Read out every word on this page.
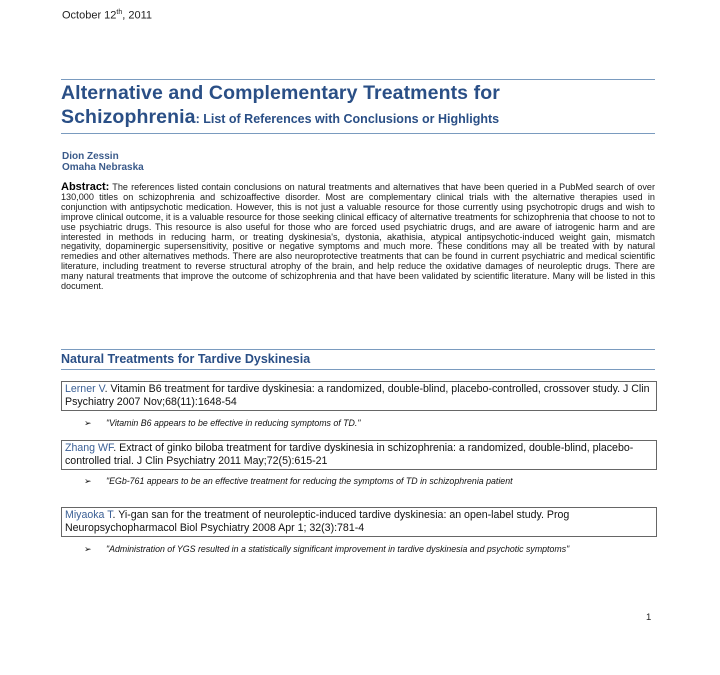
October 12th, 2011
Alternative and Complementary Treatments for
Schizophrenia: List of References with Conclusions or Highlights
Dion Zessin
Omaha Nebraska
Abstract: The references listed contain conclusions on natural treatments and alternatives that have been queried in a PubMed search of over 130,000 titles on schizophrenia and schizoaffective disorder. Most are complementary clinical trials with the alternative therapies used in conjunction with antipsychotic medication. However, this is not just a valuable resource for those currently using psychotropic drugs and wish to improve clinical outcome, it is a valuable resource for those seeking clinical efficacy of alternative treatments for schizophrenia that choose to not to use psychiatric drugs. This resource is also useful for those who are forced used psychiatric drugs, and are aware of iatrogenic harm and are interested in methods in reducing harm, or treating dyskinesia's, dystonia, akathisia, atypical antipsychotic-induced weight gain, mismatch negativity, dopaminergic supersensitivity, positive or negative symptoms and much more. These conditions may all be treated with by natural remedies and other alternatives methods. There are also neuroprotective treatments that can be found in current psychiatric and medical scientific literature, including treatment to reverse structural atrophy of the brain, and help reduce the oxidative damages of neuroleptic drugs. There are many natural treatments that improve the outcome of schizophrenia and that have been validated by scientific literature. Many will be listed in this document.
Natural Treatments for Tardive Dyskinesia
Lerner V. Vitamin B6 treatment for tardive dyskinesia: a randomized, double-blind, placebo-controlled, crossover study. J Clin Psychiatry 2007 Nov;68(11):1648-54
➢	"Vitamin B6 appears to be effective in reducing symptoms of TD."
Zhang WF. Extract of ginko biloba treatment for tardive dyskinesia in schizophrenia: a randomized, double-blind, placebo-controlled trial. J Clin Psychiatry 2011 May;72(5):615-21
➢	"EGb-761 appears to be an effective treatment for reducing the symptoms of TD in schizophrenia patient
Miyaoka T. Yi-gan san for the treatment of neuroleptic-induced tardive dyskinesia: an open-label study. Prog Neuropsychopharmacol Biol Psychiatry 2008 Apr 1; 32(3):781-4
➢	"Administration of YGS resulted in a statistically significant improvement in tardive dyskinesia and psychotic symptoms"
1
